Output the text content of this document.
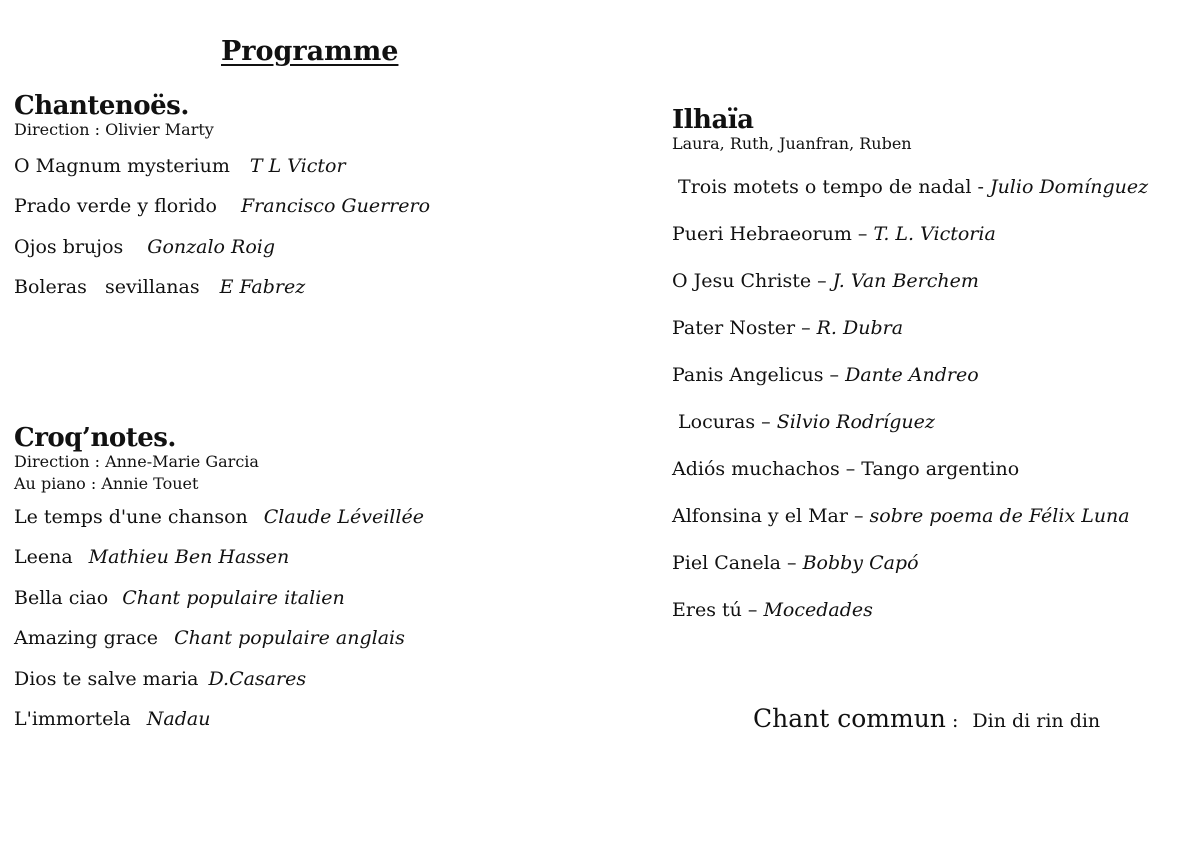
Programme
Chantenoës.
Direction : Olivier Marty
O Magnum mysterium T L Victor
Prado verde y florido Francisco Guerrero
Ojos brujos Gonzalo Roig
Boleras   sevillanas E Fabrez
Croq’notes.
Direction : Anne-Marie Garcia
Au piano : Annie Touet
Le temps d'une chanson Claude Léveillée
Leena Mathieu Ben Hassen
Bella ciao Chant populaire italien
Amazing grace Chant populaire anglais
Dios te salve maria D.Casares
L'immortela Nadau
Ilhaïa
Laura, Ruth, Juanfran, Ruben
Trois motets o tempo de nadal - Julio Domínguez
Pueri Hebraeorum – T. L. Victoria
O Jesu Christe – J. Van Berchem
Pater Noster – R. Dubra
Panis Angelicus – Dante Andreo
Locuras – Silvio Rodríguez
Adiós muchachos – Tango argentino
Alfonsina y el Mar – sobre poema de Félix Luna
Piel Canela – Bobby Capó
Eres tú – Mocedades
Chant commun : Din di rin din
